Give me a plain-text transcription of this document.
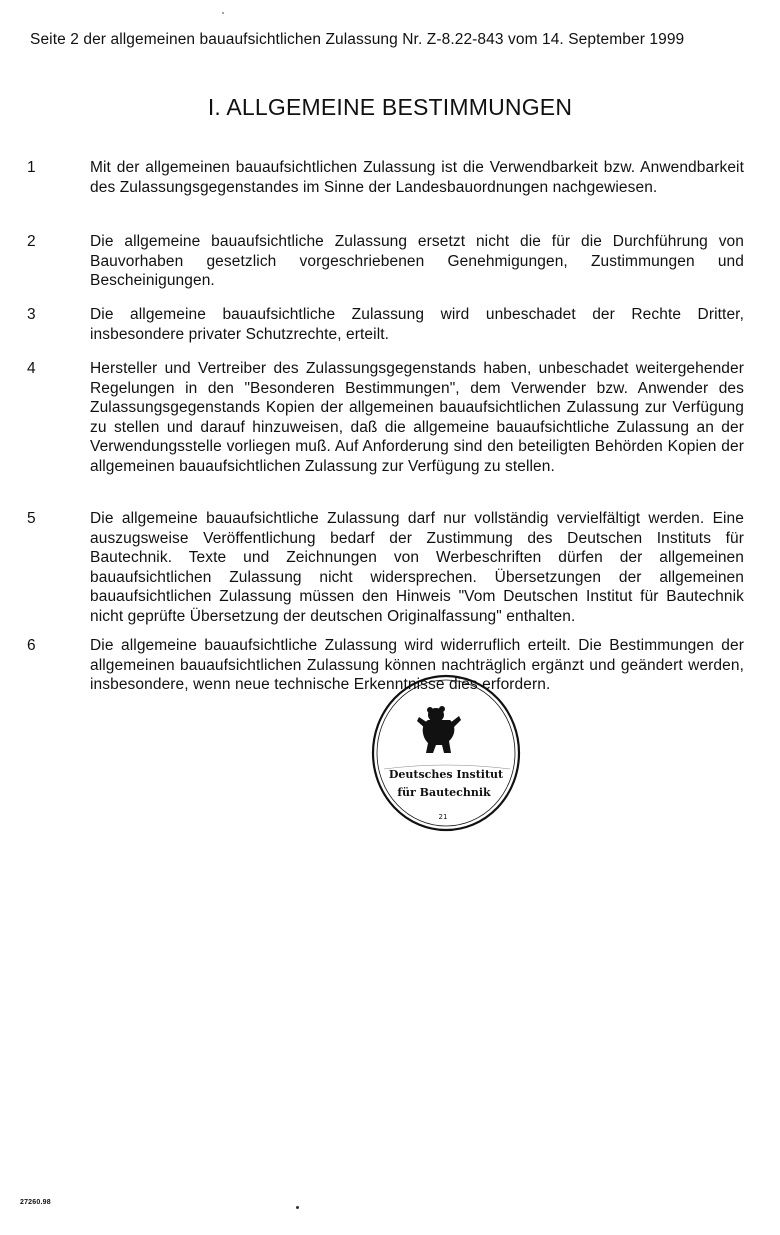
Seite 2 der allgemeinen bauaufsichtlichen Zulassung Nr. Z-8.22-843 vom 14. September 1999
I. ALLGEMEINE BESTIMMUNGEN
1	Mit der allgemeinen bauaufsichtlichen Zulassung ist die Verwendbarkeit bzw. Anwendbarkeit des Zulassungsgegenstandes im Sinne der Landesbauordnungen nachgewiesen.
2	Die allgemeine bauaufsichtliche Zulassung ersetzt nicht die für die Durchführung von Bauvorhaben gesetzlich vorgeschriebenen Genehmigungen, Zustimmungen und Bescheinigungen.
3	Die allgemeine bauaufsichtliche Zulassung wird unbeschadet der Rechte Dritter, insbesondere privater Schutzrechte, erteilt.
4	Hersteller und Vertreiber des Zulassungsgegenstands haben, unbeschadet weitergehender Regelungen in den "Besonderen Bestimmungen", dem Verwender bzw. Anwender des Zulassungsgegenstands Kopien der allgemeinen bauaufsichtlichen Zulassung zur Verfügung zu stellen und darauf hinzuweisen, daß die allgemeine bauaufsichtliche Zulassung an der Verwendungsstelle vorliegen muß. Auf Anforderung sind den beteiligten Behörden Kopien der allgemeinen bauaufsichtlichen Zulassung zur Verfügung zu stellen.
5	Die allgemeine bauaufsichtliche Zulassung darf nur vollständig vervielfältigt werden. Eine auszugsweise Veröffentlichung bedarf der Zustimmung des Deutschen Instituts für Bautechnik. Texte und Zeichnungen von Werbeschriften dürfen der allgemeinen bauaufsichtlichen Zulassung nicht widersprechen. Übersetzungen der allgemeinen bauaufsichtlichen Zulassung müssen den Hinweis "Vom Deutschen Institut für Bautechnik nicht geprüfte Übersetzung der deutschen Originalfassung" enthalten.
6	Die allgemeine bauaufsichtliche Zulassung wird widerruflich erteilt. Die Bestimmungen der allgemeinen bauaufsichtlichen Zulassung können nachträglich ergänzt und geändert werden, insbesondere, wenn neue technische Erkenntnisse dies erfordern.
Deutsches Institut
für Bautechnik
21
27260.98
